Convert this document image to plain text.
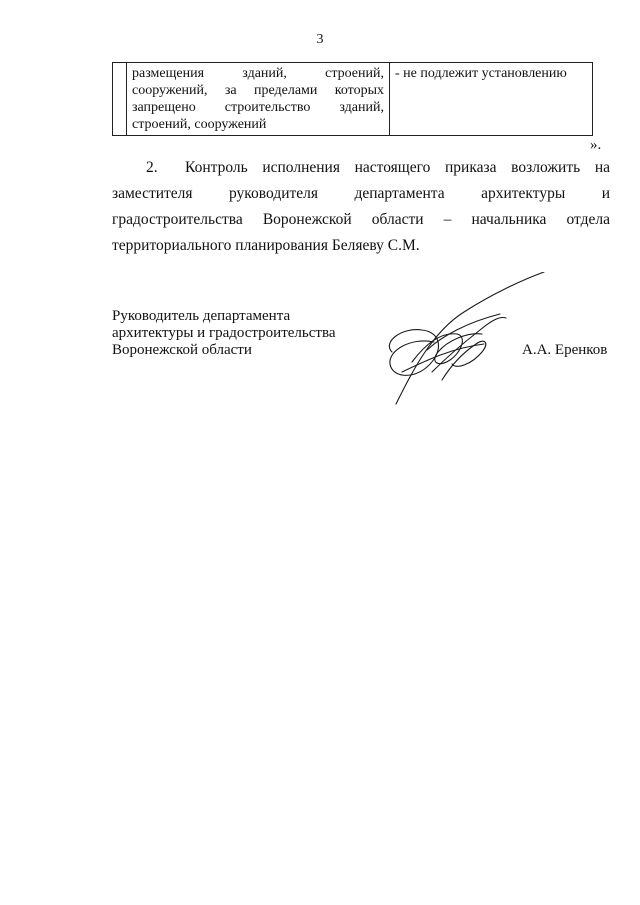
3
	размещения зданий, строений,
сооружений, за пределами которых
запрещено строительство зданий,

строений, сооружений
	- не подлежит установлению
».
2. Контроль исполнения настоящего приказа возложить на заместителя руководителя департамента архитектуры и градостроительства Воронежской области – начальника отдела территориального планирования Беляеву С.М.
Руководитель департамента
архитектуры и градостроительства
Воронежской области	А.А. Еренков
